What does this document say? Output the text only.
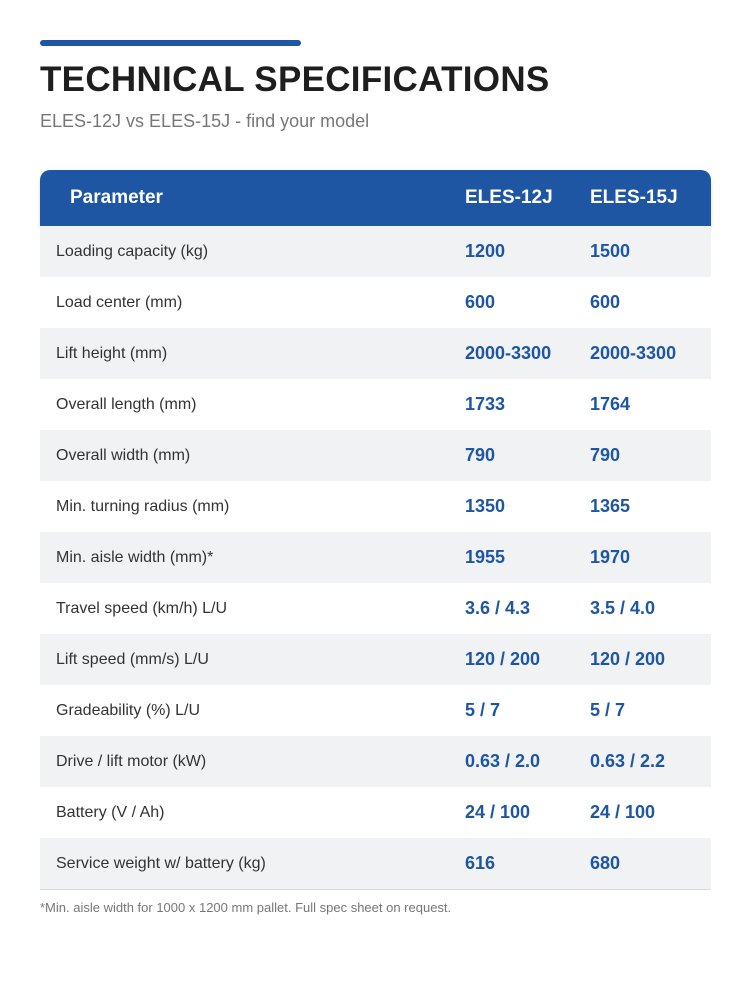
TECHNICAL SPECIFICATIONS
ELES-12J vs ELES-15J - find your model
Parameter	ELES-12J	ELES-15J
Loading capacity (kg)	1200	1500
Load center (mm)	600	600
Lift height (mm)	2000-3300	2000-3300
Overall length (mm)	1733	1764
Overall width (mm)	790	790
Min. turning radius (mm)	1350	1365
Min. aisle width (mm)*	1955	1970
Travel speed (km/h) L/U	3.6 / 4.3	3.5 / 4.0
Lift speed (mm/s) L/U	120 / 200	120 / 200
Gradeability (%) L/U	5 / 7	5 / 7
Drive / lift motor (kW)	0.63 / 2.0	0.63 / 2.2
Battery (V / Ah)	24 / 100	24 / 100
Service weight w/ battery (kg)	616	680
*Min. aisle width for 1000 x 1200 mm pallet. Full spec sheet on request.
